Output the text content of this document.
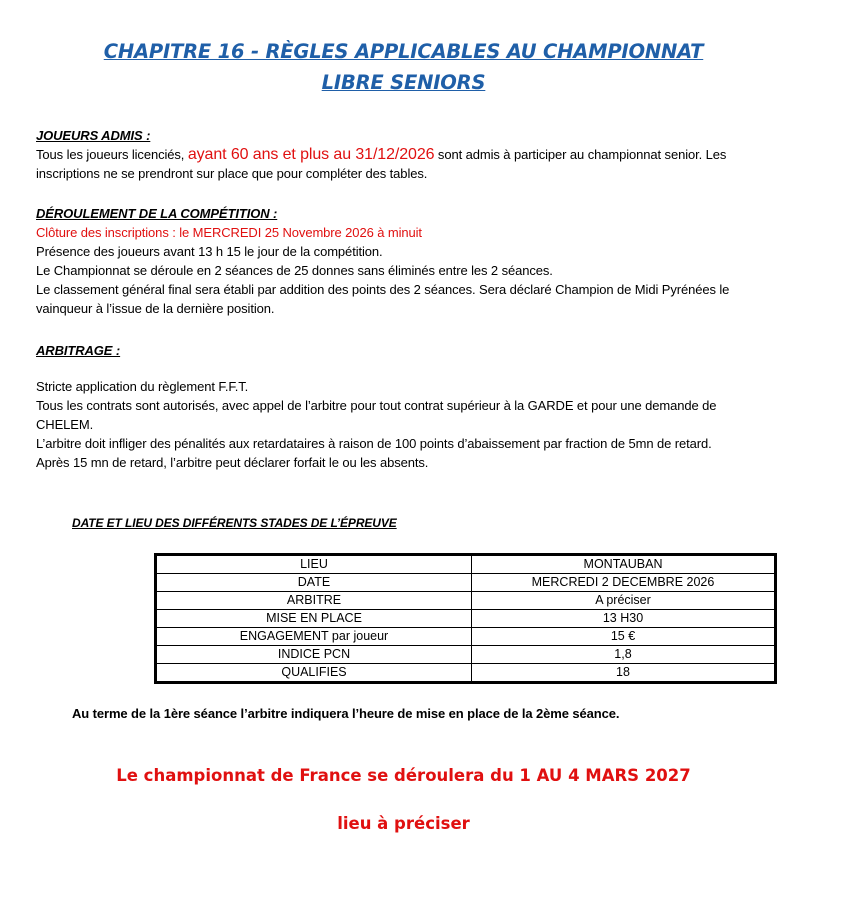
CHAPITRE 16 - RÈGLES APPLICABLES AU CHAMPIONNAT
LIBRE SENIORS
JOUEURS ADMIS :
Tous les joueurs licenciés, ayant 60 ans et plus au 31/12/2026 sont admis à participer au championnat senior. Les
inscriptions ne se prendront sur place que pour compléter des tables.
DÉROULEMENT DE LA COMPÉTITION :
Clôture des inscriptions : le MERCREDI 25 Novembre 2026 à minuit
Présence des joueurs avant 13 h 15 le jour de la compétition.
Le Championnat se déroule en 2 séances de 25 donnes sans éliminés entre les 2 séances.
Le classement général final sera établi par addition des points des 2 séances. Sera déclaré Champion de Midi Pyrénées le
vainqueur à l’issue de la dernière position.
ARBITRAGE :
Stricte application du règlement F.F.T.
Tous les contrats sont autorisés, avec appel de l’arbitre pour tout contrat supérieur à la GARDE et pour une demande de
CHELEM.
L’arbitre doit infliger des pénalités aux retardataires à raison de 100 points d’abaissement par fraction de 5mn de retard.
Après 15 mn de retard, l’arbitre peut déclarer forfait le ou les absents.
DATE ET LIEU DES DIFFÉRENTS STADES DE L’ÉPREUVE
LIEU	MONTAUBAN
DATE	MERCREDI 2 DECEMBRE 2026
ARBITRE	A préciser
MISE EN PLACE	13 H30
ENGAGEMENT par joueur	15 €
INDICE PCN	1,8
QUALIFIES	18
Au terme de la 1ère séance l’arbitre indiquera l’heure de mise en place de la 2ème séance.
Le championnat de France se déroulera du 1 AU 4 MARS 2027
lieu à préciser
